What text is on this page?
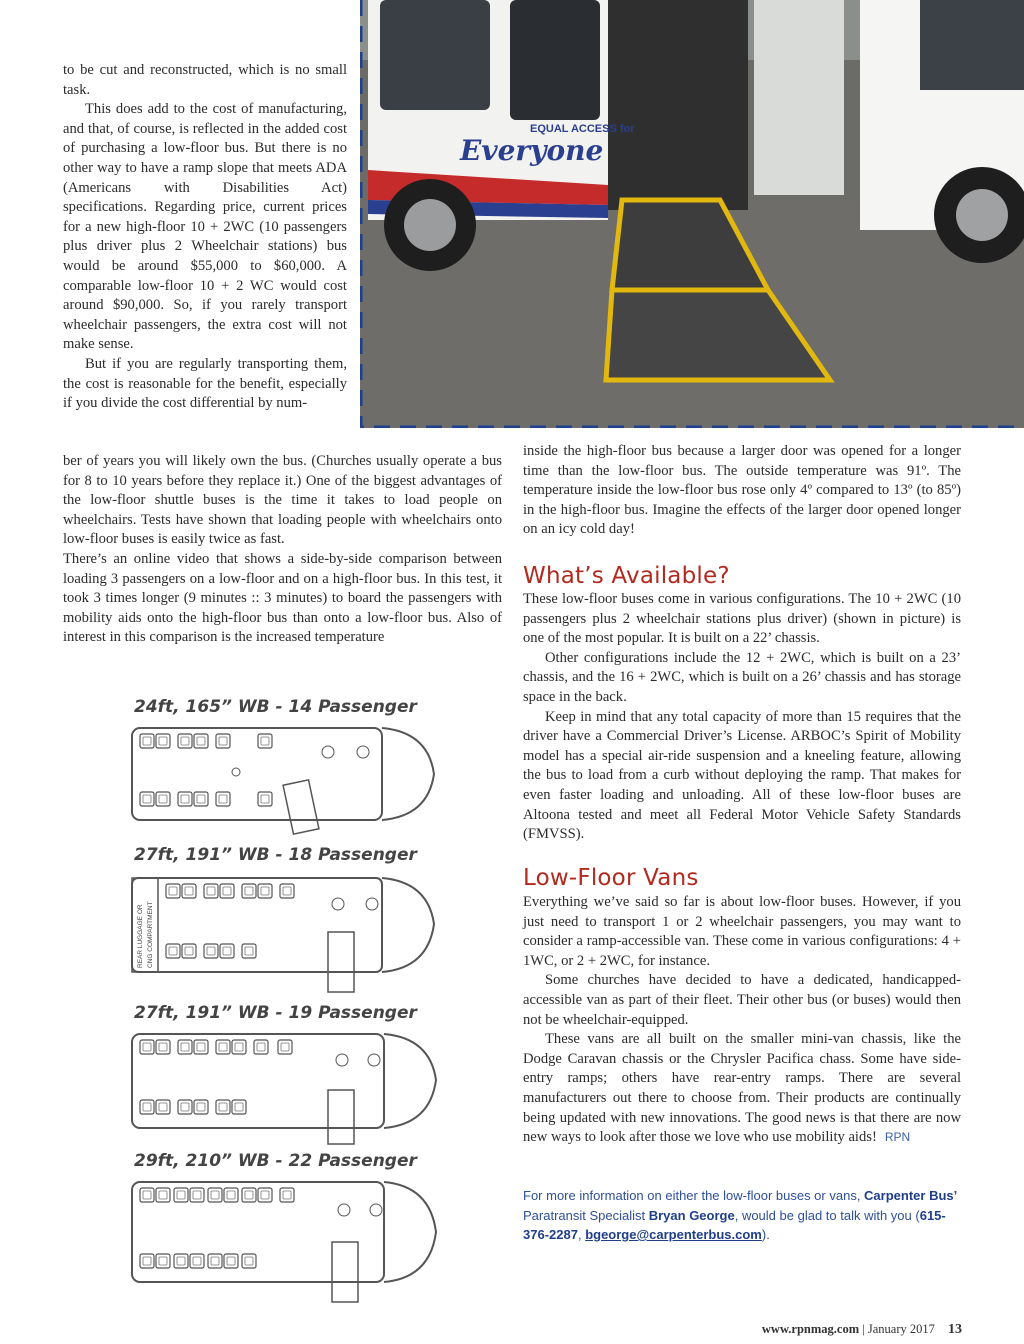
EQUAL ACCESS for
Everyone

to be cut and reconstructed, which is no small task.

This does add to the cost of manufacturing, and that, of course, is reflected in the added cost of purchasing a low-floor bus. But there is no other way to have a ramp slope that meets ADA (Americans with Disabilities Act) specifications. Regarding price, current prices for a new high-floor 10 + 2WC (10 passengers plus driver plus 2 Wheelchair stations) bus would be around $55,000 to $60,000. A comparable low-floor 10 + 2 WC would cost around $90,000. So, if you rarely transport wheelchair passengers, the extra cost will not make sense.

But if you are regularly transporting them, the cost is reasonable for the benefit, especially if you divide the cost differential by num-

ber of years you will likely own the bus. (Churches usually operate a bus for 8 to 10 years before they replace it.) One of the biggest advantages of the low-floor shuttle buses is the time it takes to load people on wheelchairs. Tests have shown that loading people with wheelchairs onto low-floor buses is easily twice as fast.

There’s an online video that shows a side-by-side comparison between loading 3 passengers on a low-floor and on a high-floor bus. In this test, it took 3 times longer (9 minutes :: 3 minutes) to board the passengers with mobility aids onto the high-floor bus than onto a low-floor bus. Also of interest in this comparison is the increased temperature

inside the high-floor bus because a larger door was opened for a longer time than the low-floor bus. The outside temperature was 91º. The temperature inside the low-floor bus rose only 4º compared to 13º (to 85º) in the high-floor bus. Imagine the effects of the larger door opened longer on an icy cold day!

What’s Available?

These low-floor buses come in various configurations. The 10 + 2WC (10 passengers plus 2 wheelchair stations plus driver) (shown in picture) is one of the most popular. It is built on a 22’ chassis.

Other configurations include the 12 + 2WC, which is built on a 23’ chassis, and the 16 + 2WC, which is built on a 26’ chassis and has storage space in the back.

Keep in mind that any total capacity of more than 15 requires that the driver have a Commercial Driver’s License. ARBOC’s Spirit of Mobility model has a special air-ride suspension and a kneeling feature, allowing the bus to load from a curb without deploying the ramp. That makes for even faster loading and unloading. All of these low-floor buses are Altoona tested and meet all Federal Motor Vehicle Safety Standards (FMVSS).

Low-Floor Vans

Everything we’ve said so far is about low-floor buses. However, if you just need to transport 1 or 2 wheelchair passengers, you may want to consider a ramp-accessible van. These come in various configurations: 4 + 1WC, or 2 + 2WC, for instance.

Some churches have decided to have a dedicated, handicapped-accessible van as part of their fleet. Their other bus (or buses) would then not be wheelchair-equipped.

These vans are all built on the smaller mini-van chassis, like the Dodge Caravan chassis or the Chrysler Pacifica chass. Some have side-entry ramps; others have rear-entry ramps. There are several manufacturers out there to choose from. Their products are continually being updated with new innovations. The good news is that there are now new ways to look after those we love who use mobility aids! RPN

For more information on either the low-floor buses or vans, Carpenter Bus’ Paratransit Specialist Bryan George, would be glad to talk with you (615-376-2287, bgeorge@carpenterbus.com).
24ft, 165” WB - 14 Passenger
27ft, 191” WB - 18 Passenger
REAR LUGGAGE OR CNG COMPARTMENT
27ft, 191” WB - 19 Passenger
29ft, 210” WB - 22 Passenger
www.rpnmag.com | January 2017 13
